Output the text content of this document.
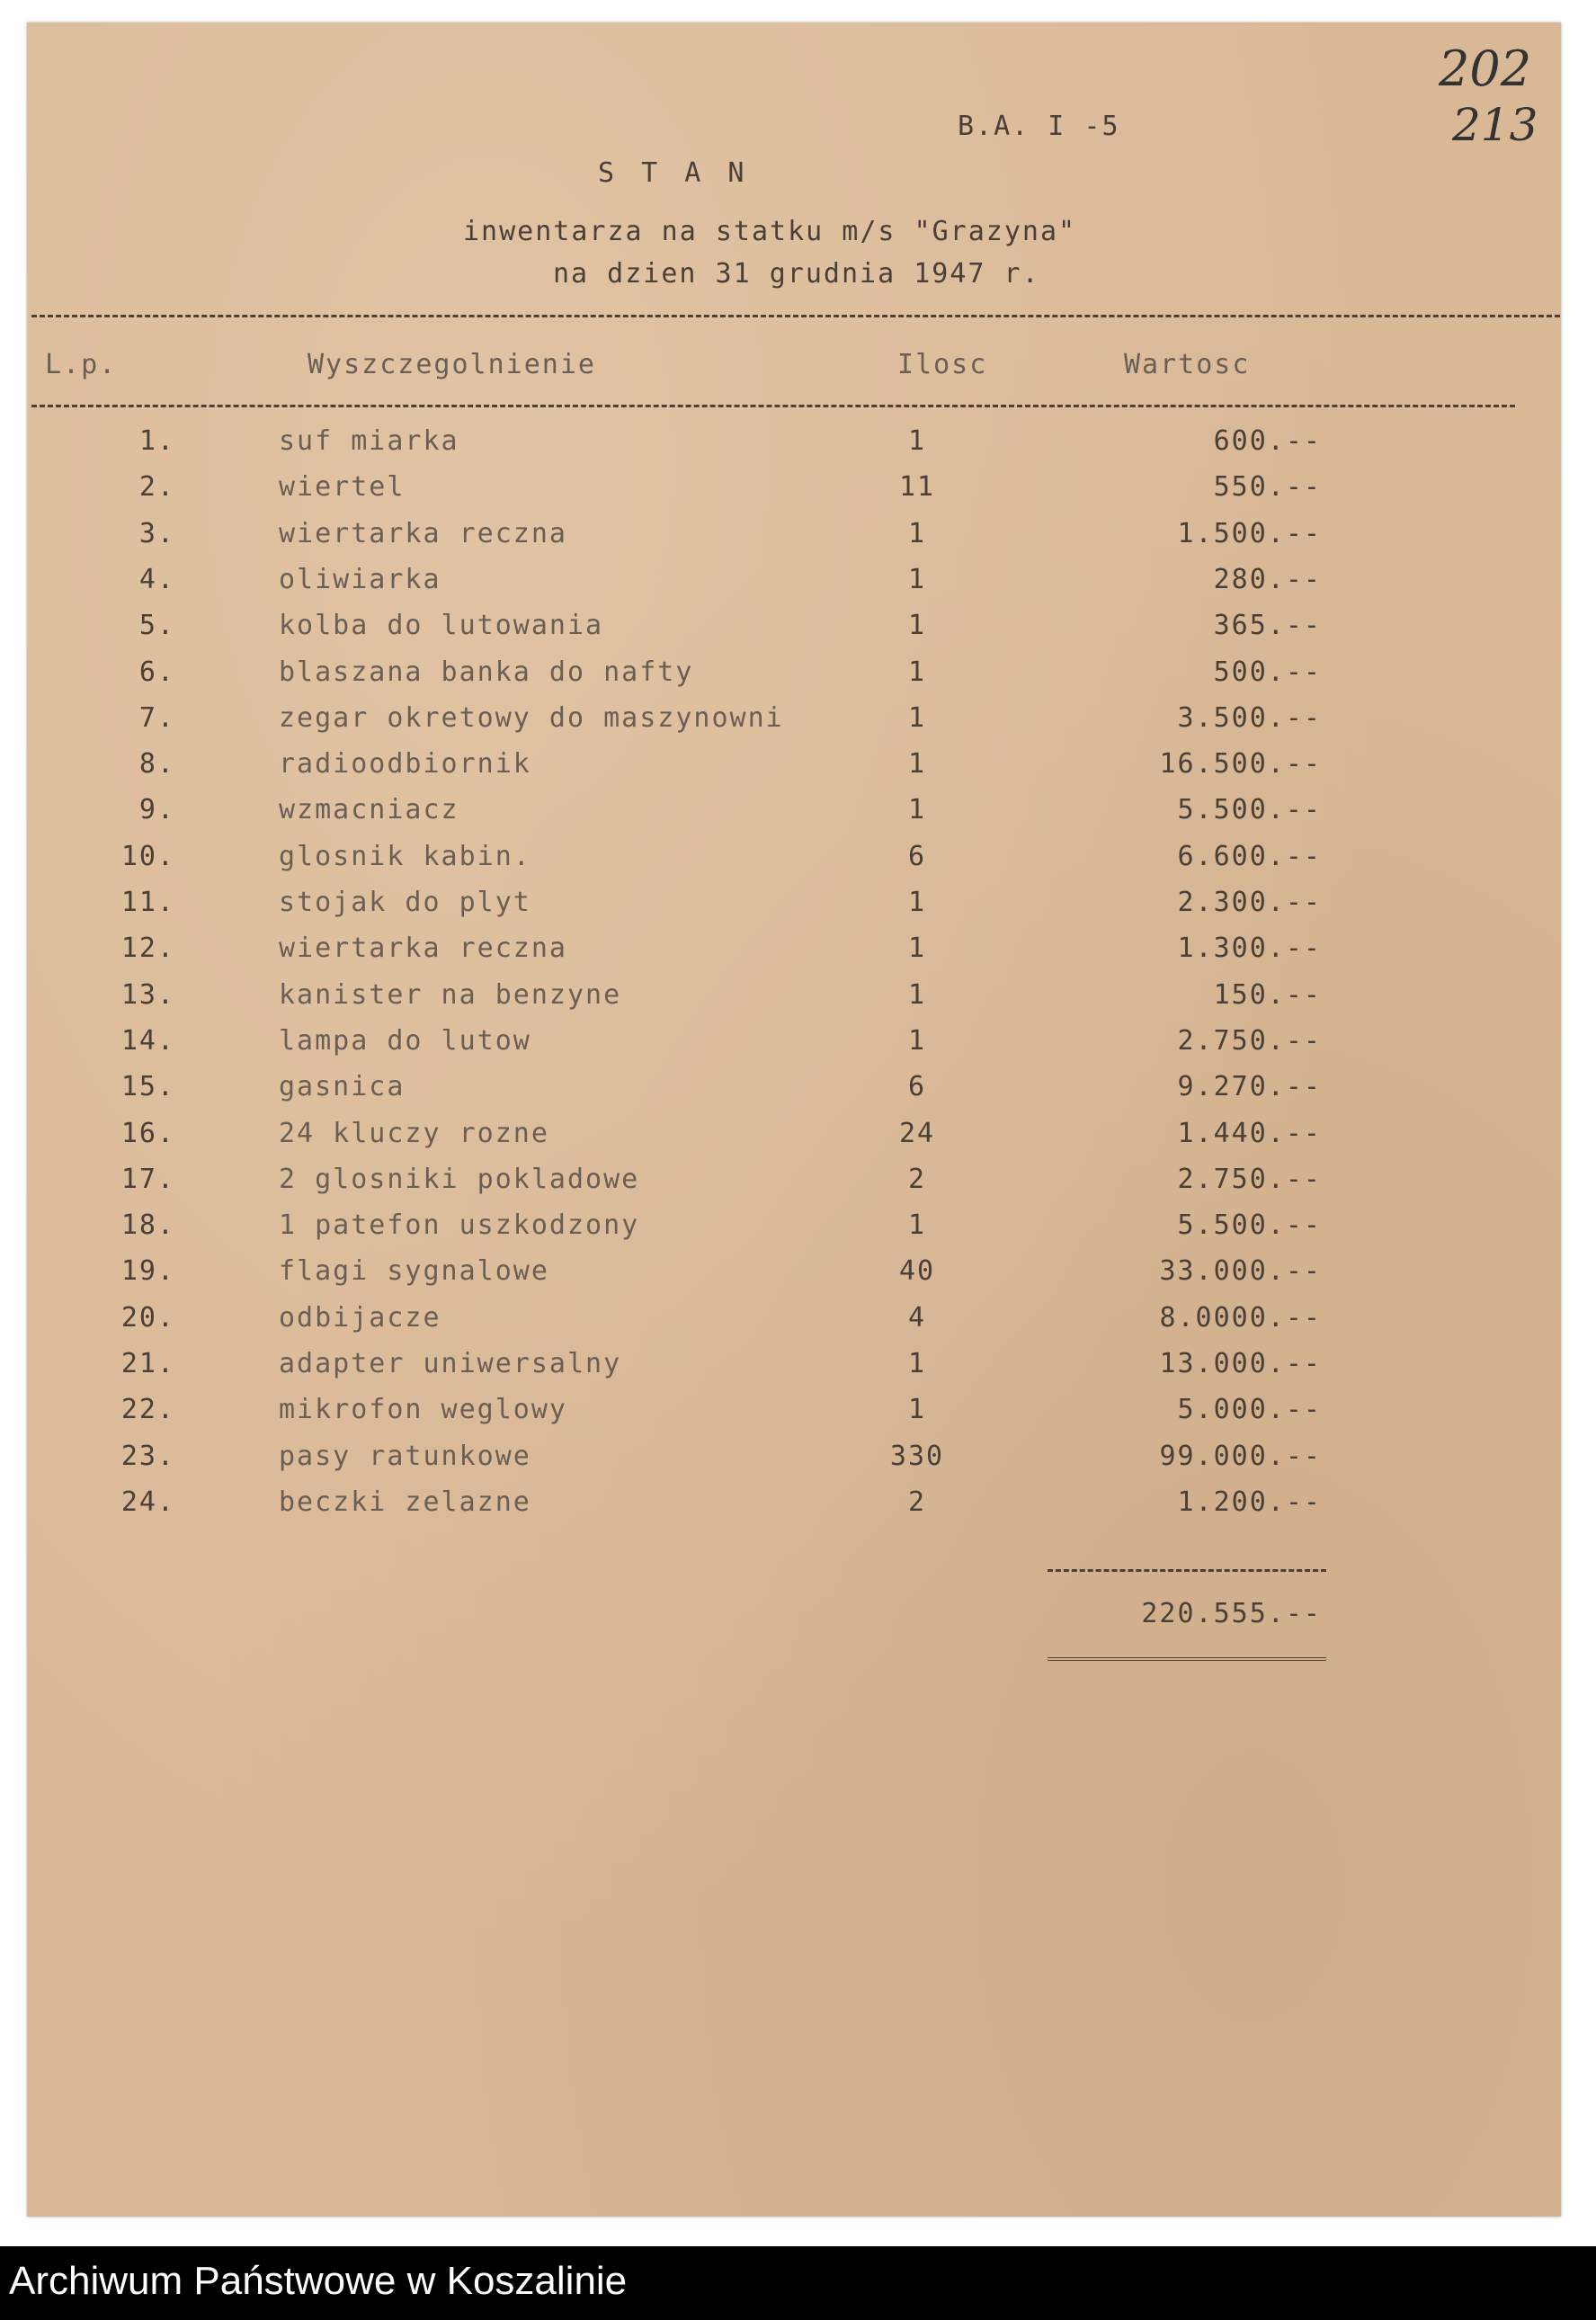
202
213
B.A. I -5
S T A N
inwentarza na statku m/s "Grazyna"
na dzien 31 grudnia 1947 r.
L.p.	Wyszczegolnienie	Ilosc	Wartosc
1.	suf miarka	1	600.--
2.	wiertel	11	550.--
3.	wiertarka reczna	1	1.500.--
4.	oliwiarka	1	280.--
5.	kolba do lutowania	1	365.--
6.	blaszana banka do nafty	1	500.--
7.	zegar okretowy do maszynowni	1	3.500.--
8.	radioodbiornik	1	16.500.--
9.	wzmacniacz	1	5.500.--
10.	glosnik kabin.	6	6.600.--
11.	stojak do plyt	1	2.300.--
12.	wiertarka reczna	1	1.300.--
13.	kanister na benzyne	1	150.--
14.	lampa do lutow	1	2.750.--
15.	gasnica	6	9.270.--
16.	24 kluczy rozne	24	1.440.--
17.	2 glosniki pokladowe	2	2.750.--
18.	1 patefon uszkodzony	1	5.500.--
19.	flagi sygnalowe	40	33.000.--
20.	odbijacze	4	8.0000.--
21.	adapter uniwersalny	1	13.000.--
22.	mikrofon weglowy	1	5.000.--
23.	pasy ratunkowe	330	99.000.--
24.	beczki zelazne	2	1.200.--
220.555.--
Archiwum Państwowe w Koszalinie
